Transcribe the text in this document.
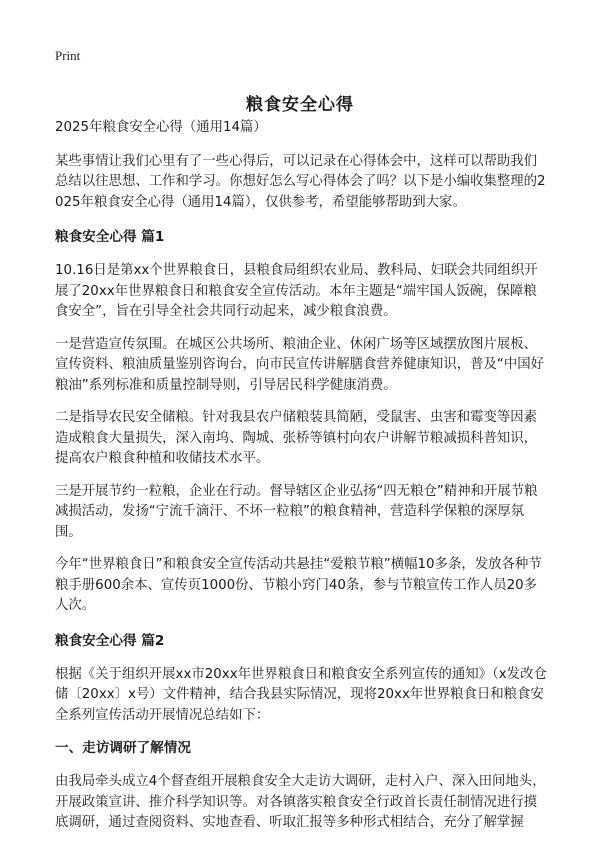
Print
粮食安全心得

2025年粮食安全心得（通用14篇）

某些事情让我们心里有了一些心得后，可以记录在心得体会中，这样可以帮助我们总结以往思想、工作和学习。你想好怎么写心得体会了吗？以下是小编收集整理的2025年粮食安全心得（通用14篇），仅供参考，希望能够帮助到大家。

粮食安全心得 篇1

10.16日是第xx个世界粮食日，县粮食局组织农业局、教科局、妇联会共同组织开展了20xx年世界粮食日和粮食安全宣传活动。本年主题是“端牢国人饭碗，保障粮食安全”，旨在引导全社会共同行动起来，减少粮食浪费。

一是营造宣传氛围。在城区公共场所、粮油企业、休闲广场等区域摆放图片展板、宣传资料、粮油质量鉴别咨询台，向市民宣传讲解膳食营养健康知识，普及“中国好粮油”系列标准和质量控制导则，引导居民科学健康消费。

二是指导农民安全储粮。针对我县农户储粮装具简陋，受鼠害、虫害和霉变等因素造成粮食大量损失，深入南坞、陶城、张桥等镇村向农户讲解节粮减损科普知识，提高农户粮食种植和收储技术水平。

三是开展节约一粒粮，企业在行动。督导辖区企业弘扬“四无粮仓”精神和开展节粮减损活动，发扬“宁流千滴汗、不坏一粒粮”的粮食精神，营造科学保粮的深厚氛围。

今年“世界粮食日”和粮食安全宣传活动共悬挂“爱粮节粮”横幅10多条，发放各种节粮手册600余本、宣传页1000份、节粮小窍门40条，参与节粮宣传工作人员20多人次。

粮食安全心得 篇2

根据《关于组织开展xx市20xx年世界粮食日和粮食安全系列宣传的通知》（x发改仓储〔20xx〕x号）文件精神，结合我县实际情况，现将20xx年世界粮食日和粮食安全系列宣传活动开展情况总结如下：

一、走访调研了解情况

由我局牵头成立4个督查组开展粮食安全大走访大调研，走村入户、深入田间地头，开展政策宣讲、推介科学知识等。对各镇落实粮食安全行政首长责任制情况进行摸底调研，通过查阅资料、实地查看、听取汇报等多种形式相结合，充分了解掌握
